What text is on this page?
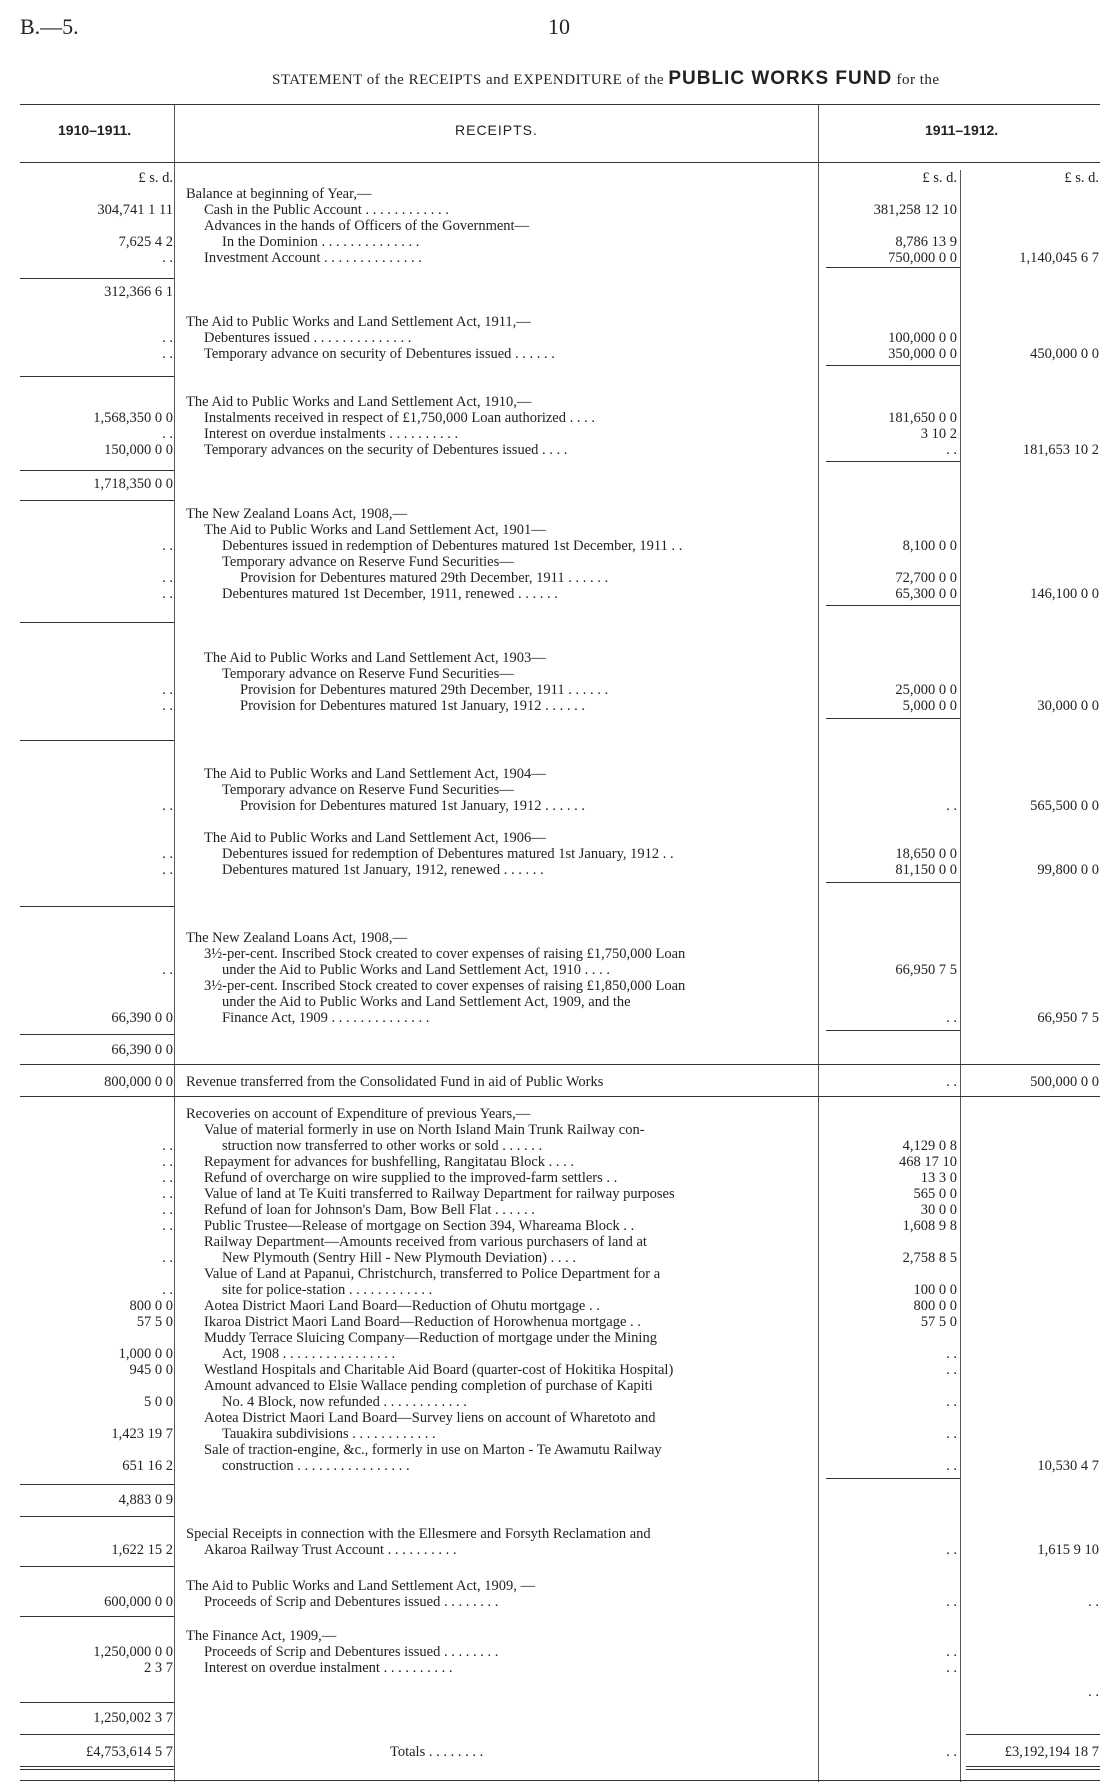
B.—5.	10
STATEMENT of the RECEIPTS and EXPENDITURE of the PUBLIC WORKS FUND for the
1910–1911.	RECEIPTS.	1911–1912.
£ s. d.	£ s. d.	£ s. d.
Balance at beginning of Year,—
Cash in the Public Account . . . . . . . . . . . .
304,741 1 11	381,258 12 10
Advances in the hands of Officers of the Government—
In the Dominion . . . . . . . . . . . . . .
7,625 4 2	8,786 13 9
Investment Account . . . . . . . . . . . . . .
. .	750,000 0 0	1,140,045 6 7
312,366 6 1
The Aid to Public Works and Land Settlement Act, 1911,—
Debentures issued . . . . . . . . . . . . . .
. .	100,000 0 0
Temporary advance on security of Debentures issued . . . . . .
. .	350,000 0 0	450,000 0 0
The Aid to Public Works and Land Settlement Act, 1910,—
Instalments received in respect of £1,750,000 Loan authorized . . . .
1,568,350 0 0	181,650 0 0
Interest on overdue instalments . . . . . . . . . .
. .	3 10 2
Temporary advances on the security of Debentures issued . . . .
150,000 0 0	. .	181,653 10 2
1,718,350 0 0
The New Zealand Loans Act, 1908,—
The Aid to Public Works and Land Settlement Act, 1901—
Debentures issued in redemption of Debentures matured 1st December, 1911 . .
. .	8,100 0 0
Temporary advance on Reserve Fund Securities—
Provision for Debentures matured 29th December, 1911 . . . . . .
. .	72,700 0 0
Debentures matured 1st December, 1911, renewed . . . . . .
. .	65,300 0 0	146,100 0 0
The Aid to Public Works and Land Settlement Act, 1903—
Temporary advance on Reserve Fund Securities—
Provision for Debentures matured 29th December, 1911 . . . . . .
. .	25,000 0 0
Provision for Debentures matured 1st January, 1912 . . . . . .
. .	5,000 0 0	30,000 0 0
The Aid to Public Works and Land Settlement Act, 1904—
Temporary advance on Reserve Fund Securities—
Provision for Debentures matured 1st January, 1912 . . . . . .
. .	. .	565,500 0 0
The Aid to Public Works and Land Settlement Act, 1906—
Debentures issued for redemption of Debentures matured 1st January, 1912 . .
. .	18,650 0 0
Debentures matured 1st January, 1912, renewed . . . . . .
. .	81,150 0 0	99,800 0 0
The New Zealand Loans Act, 1908,—
3½-per-cent. Inscribed Stock created to cover expenses of raising £1,750,000 Loan
under the Aid to Public Works and Land Settlement Act, 1910 . . . .
. .	66,950 7 5
3½-per-cent. Inscribed Stock created to cover expenses of raising £1,850,000 Loan
under the Aid to Public Works and Land Settlement Act, 1909, and the
Finance Act, 1909 . . . . . . . . . . . . . .
66,390 0 0	. .	66,950 7 5
66,390 0 0
Revenue transferred from the Consolidated Fund in aid of Public Works
800,000 0 0	. .	500,000 0 0
Recoveries on account of Expenditure of previous Years,—
Value of material formerly in use on North Island Main Trunk Railway con-
struction now transferred to other works or sold . . . . . .
. .	4,129 0 8
Repayment for advances for bushfelling, Rangitatau Block . . . .
. .	468 17 10
Refund of overcharge on wire supplied to the improved-farm settlers . .
. .	13 3 0
Value of land at Te Kuiti transferred to Railway Department for railway purposes
. .	565 0 0
Refund of loan for Johnson's Dam, Bow Bell Flat . . . . . .
. .	30 0 0
Public Trustee—Release of mortgage on Section 394, Whareama Block . .
. .	1,608 9 8
Railway Department—Amounts received from various purchasers of land at
New Plymouth (Sentry Hill - New Plymouth Deviation) . . . .
. .	2,758 8 5
Value of Land at Papanui, Christchurch, transferred to Police Department for a
site for police-station . . . . . . . . . . . .
. .	100 0 0
Aotea District Maori Land Board—Reduction of Ohutu mortgage . .
800 0 0	800 0 0
Ikaroa District Maori Land Board—Reduction of Horowhenua mortgage . .
57 5 0	57 5 0
Muddy Terrace Sluicing Company—Reduction of mortgage under the Mining
Act, 1908 . . . . . . . . . . . . . . . .
1,000 0 0	. .
Westland Hospitals and Charitable Aid Board (quarter-cost of Hokitika Hospital)
945 0 0	. .
Amount advanced to Elsie Wallace pending completion of purchase of Kapiti
No. 4 Block, now refunded . . . . . . . . . . . .
5 0 0	. .
Aotea District Maori Land Board—Survey liens on account of Wharetoto and
Tauakira subdivisions . . . . . . . . . . . .
1,423 19 7	. .
Sale of traction-engine, &c., formerly in use on Marton - Te Awamutu Railway
construction . . . . . . . . . . . . . . . .
651 16 2	. .	10,530 4 7
4,883 0 9
Special Receipts in connection with the Ellesmere and Forsyth Reclamation and
Akaroa Railway Trust Account . . . . . . . . . .
1,622 15 2	. .	1,615 9 10
The Aid to Public Works and Land Settlement Act, 1909, —
Proceeds of Scrip and Debentures issued . . . . . . . .
600,000 0 0	. .	. .
The Finance Act, 1909,—
Proceeds of Scrip and Debentures issued . . . . . . . .
1,250,000 0 0	. .
Interest on overdue instalment . . . . . . . . . .
2 3 7	. .
. .
1,250,002 3 7
Totals . . . . . . . .
£4,753,614 5 7	. .	£3,192,194 18 7
